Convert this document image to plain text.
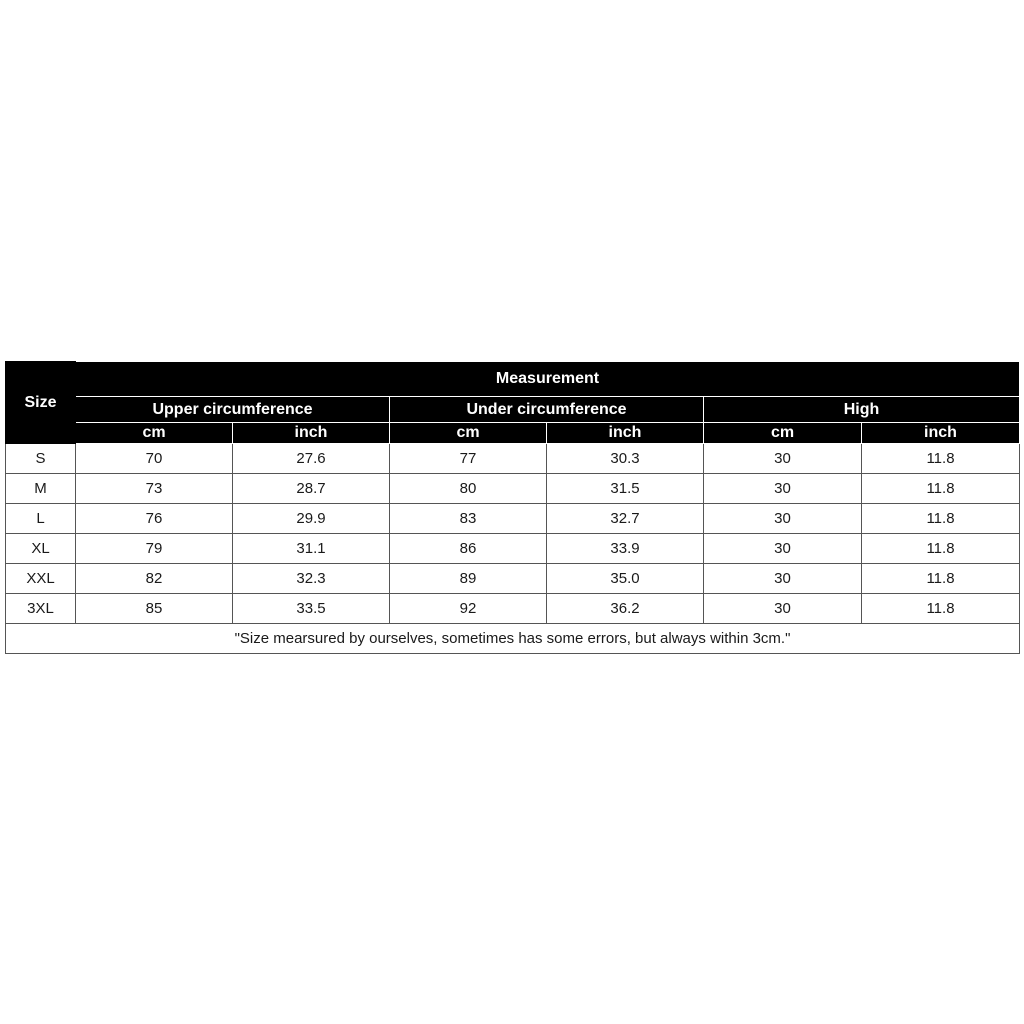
Size	Measurement					
	Upper circumference		Under circumference		High	
	cm	inch	cm	inch	cm	inch
S	70	27.6	77	30.3	30	11.8
M	73	28.7	80	31.5	30	11.8
L	76	29.9	83	32.7	30	11.8
XL	79	31.1	86	33.9	30	11.8
XXL	82	32.3	89	35.0	30	11.8
3XL	85	33.5	92	36.2	30	11.8
"Size mearsured by ourselves, sometimes has some errors, but always within 3cm."						
